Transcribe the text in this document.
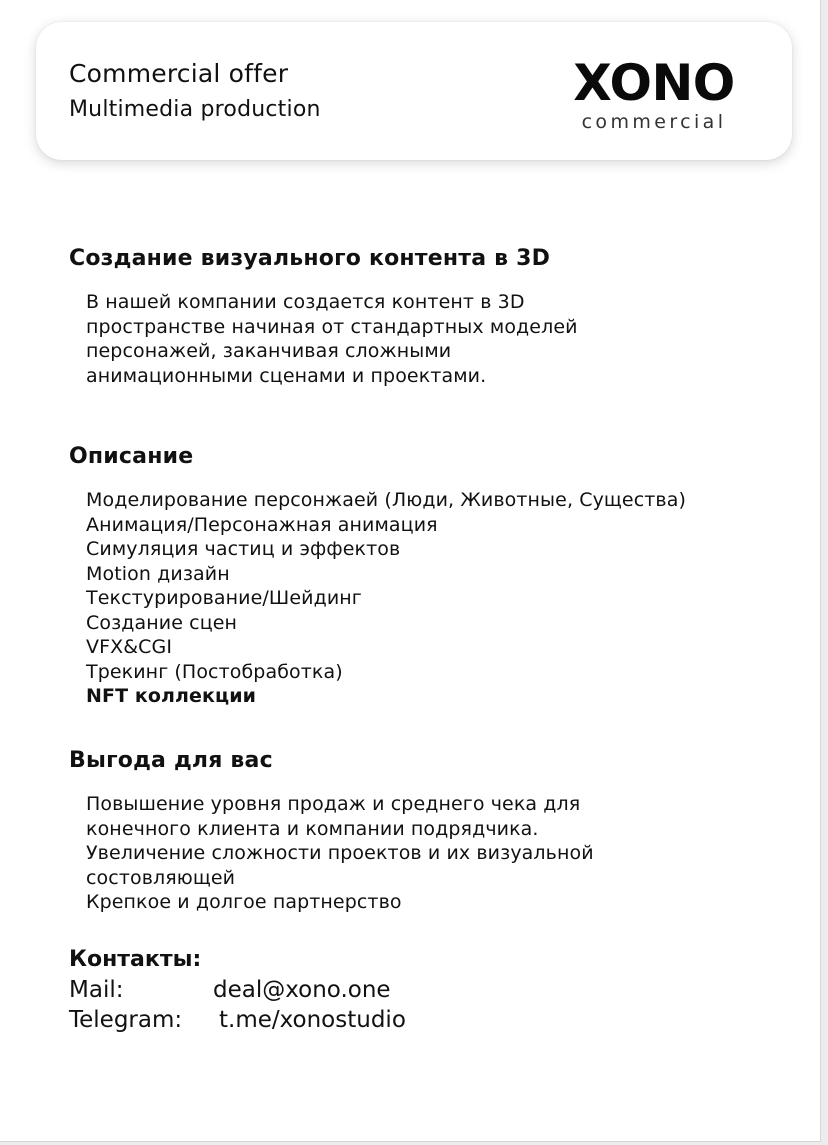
Commercial offer
Multimedia production	XONO
commercial
Создание визуального контента в 3D
В нашей компании создается контент в 3D
пространстве начиная от стандартных моделей
персонажей, заканчивая сложными
анимационными сценами и проектами.
Описание
Моделирование персонжаей (Люди, Животные, Существа)
Анимация/Персонажная анимация
Симуляция частиц и эффектов
Motion дизайн
Текстурирование/Шейдинг
Создание сцен
VFX&CGI
Трекинг (Постобработка)
NFT коллекции
Выгода для вас
Повышение уровня продаж и среднего чека для
конечного клиента и компании подрядчика.
Увеличение сложности проектов и их визуальной
состовляющей
Крепкое и долгое партнерство
Контакты:
Mail:	deal@xono.one
Telegram: t.me/xonostudio
